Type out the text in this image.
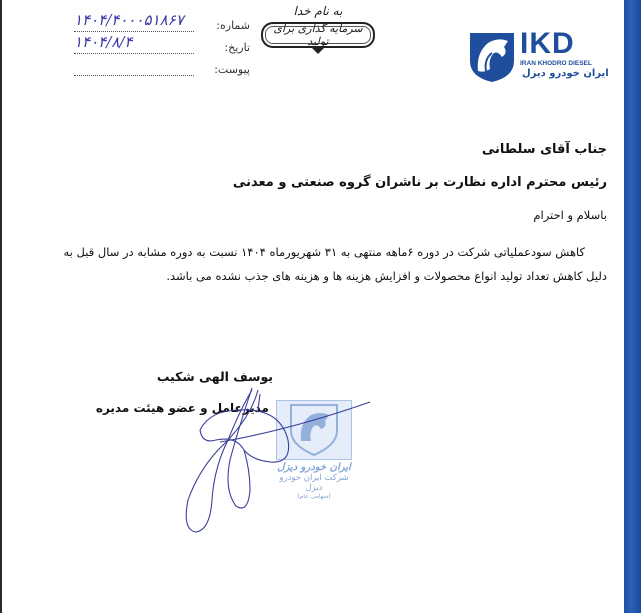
شماره:
۱۴۰۴/۴۰۰۰۵۱۸۶۷
تاریخ:
۱۴۰۴/۸/۴
پیوست:
به نام خدا
سرمایه گذاری برای تولید	IKD
IRAN KHODRO DIESEL
ایران خودرو دیزل
جناب آقای سلطانی
رئیس محترم اداره نظارت بر ناشران گروه صنعتی و معدنی
باسلام و احترام
کاهش سودعملیاتی شرکت در دوره ۶ماهه منتهی به ۳۱ شهریورماه ۱۴۰۴ نسبت به دوره مشابه در سال قبل به دلیل کاهش تعداد تولید انواع محصولات و افزایش هزینه ها و هزینه های جذب نشده می باشد.
یوسف الهی شکیب
مدیرعامل و عضو هیئت مدیره
ایران خودرو دیزل
شرکت ایران خودرو دیزل
(سهامی عام)
